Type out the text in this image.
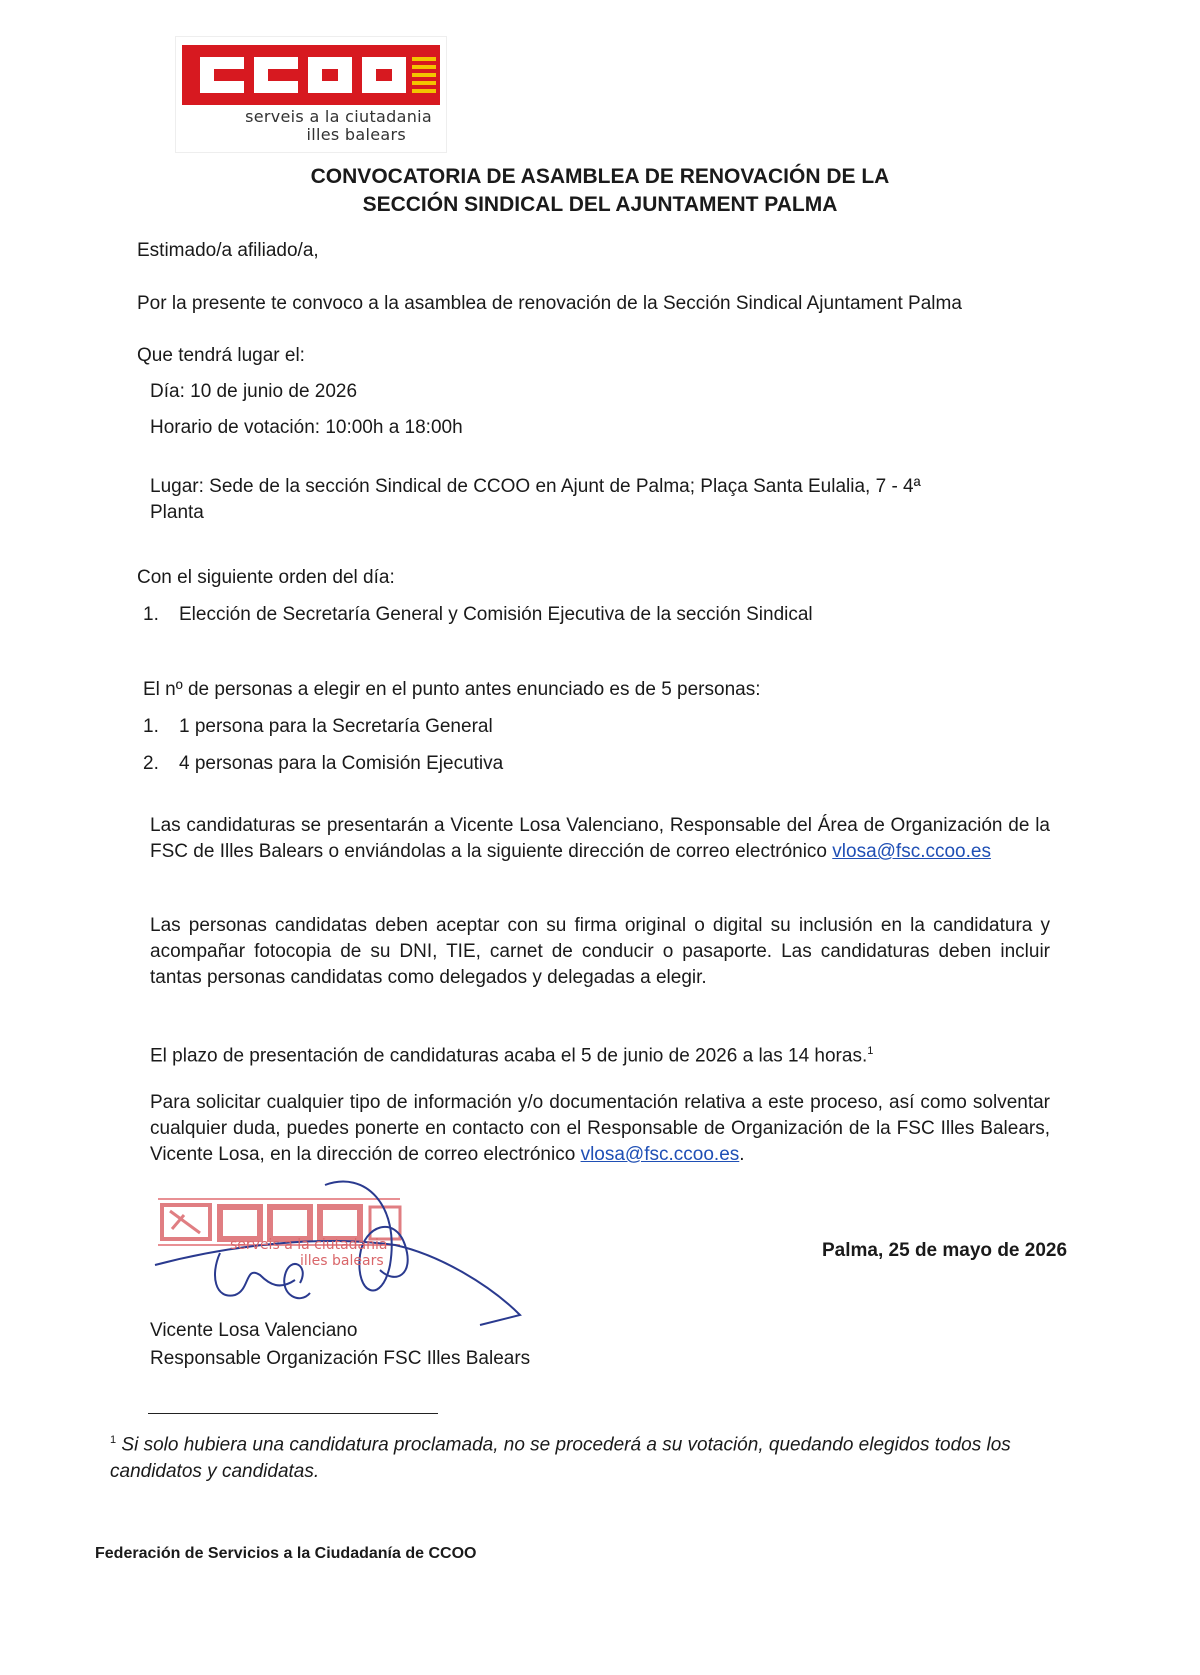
serveis a la ciutadania
illes balears
CONVOCATORIA DE ASAMBLEA DE RENOVACIÓN DE LA
SECCIÓN SINDICAL DEL AJUNTAMENT PALMA
Estimado/a afiliado/a,
Por la presente te convoco a la asamblea de renovación de la Sección Sindical Ajuntament Palma
Que tendrá lugar el:
Día: 10 de junio de 2026
Horario de votación: 10:00h a 18:00h
Lugar: Sede de la sección Sindical de CCOO en Ajunt de Palma; Plaça Santa Eulalia, 7 - 4ª
Planta
Con el siguiente orden del día:
1. Elección de Secretaría General y Comisión Ejecutiva de la sección Sindical
El nº de personas a elegir en el punto antes enunciado es de 5 personas:
1. 1 persona para la Secretaría General
2. 4 personas para la Comisión Ejecutiva
Las candidaturas se presentarán a Vicente Losa Valenciano, Responsable del Área de Organización de la FSC de Illes Balears o enviándolas a la siguiente dirección de correo electrónico vlosa@fsc.ccoo.es
Las personas candidatas deben aceptar con su firma original o digital su inclusión en la candidatura y acompañar fotocopia de su DNI, TIE, carnet de conducir o pasaporte. Las candidaturas deben incluir tantas personas candidatas como delegados y delegadas a elegir.
El plazo de presentación de candidaturas acaba el 5 de junio de 2026 a las 14 horas.$^1$
Para solicitar cualquier tipo de información y/o documentación relativa a este proceso, así como solventar cualquier duda, puedes ponerte en contacto con el Responsable de Organización de la FSC Illes Balears, Vicente Losa, en la dirección de correo electrónico vlosa@fsc.ccoo.es.
serveis a la ciutadania
illes balears	Palma, 25 de mayo de 2026
Vicente Losa Valenciano
Responsable Organización FSC Illes Balears
$^1$ Si solo hubiera una candidatura proclamada, no se procederá a su votación, quedando elegidos todos los candidatos y candidatas.
Federación de Servicios a la Ciudadanía de CCOO
